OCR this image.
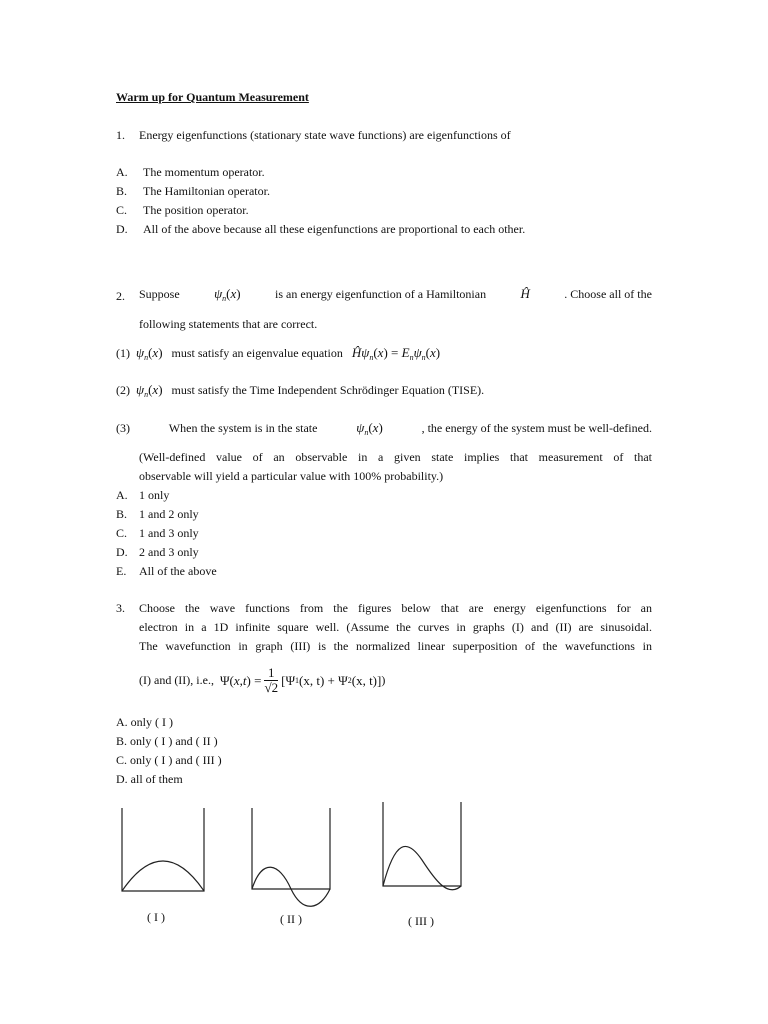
Warm up for Quantum Measurement
1. Energy eigenfunctions (stationary state wave functions) are eigenfunctions of
A. The momentum operator.
B. The Hamiltonian operator.
C. The position operator.
D. All of the above because all these eigenfunctions are proportional to each other.
2. Suppose	$\psi_n(x)$	is an energy eigenfunction of a Hamiltonian	Ĥ	. Choose all of the
following statements that are correct.
(1) $\psi_n(x)$ must satisfy an eigenvalue equation $Ĥ\psi_n(x) = E_n\psi_n(x)$
(2) $\psi_n(x)$ must satisfy the Time Independent Schrödinger Equation (TISE).
(3)	When the system is in the state	$\psi_n(x)$	, the energy of the system must be well-defined.
(Well-defined value of an observable in a given state implies that measurement of that
observable will yield a particular value with 100% probability.)
A. 1 only
B. 1 and 2 only
C. 1 and 3 only
D. 2 and 3 only
E. All of the above
3. Choose the wave functions from the figures below that are energy eigenfunctions for an
electron in a 1D infinite square well. (Assume the curves in graphs (I) and (II) are sinusoidal.
The wavefunction in graph (III) is the normalized linear superposition of the wavefunctions in
(I) and (II), i.e.,
Ψ( x , t ) = $\frac{1}{√2} [\Psi$ 1 (x, t) + Ψ 2 (x, t)] )
A. only ( I )
B. only ( I ) and ( II )
C. only ( I ) and ( III )
D. all of them
( I )	( II )	( III )
